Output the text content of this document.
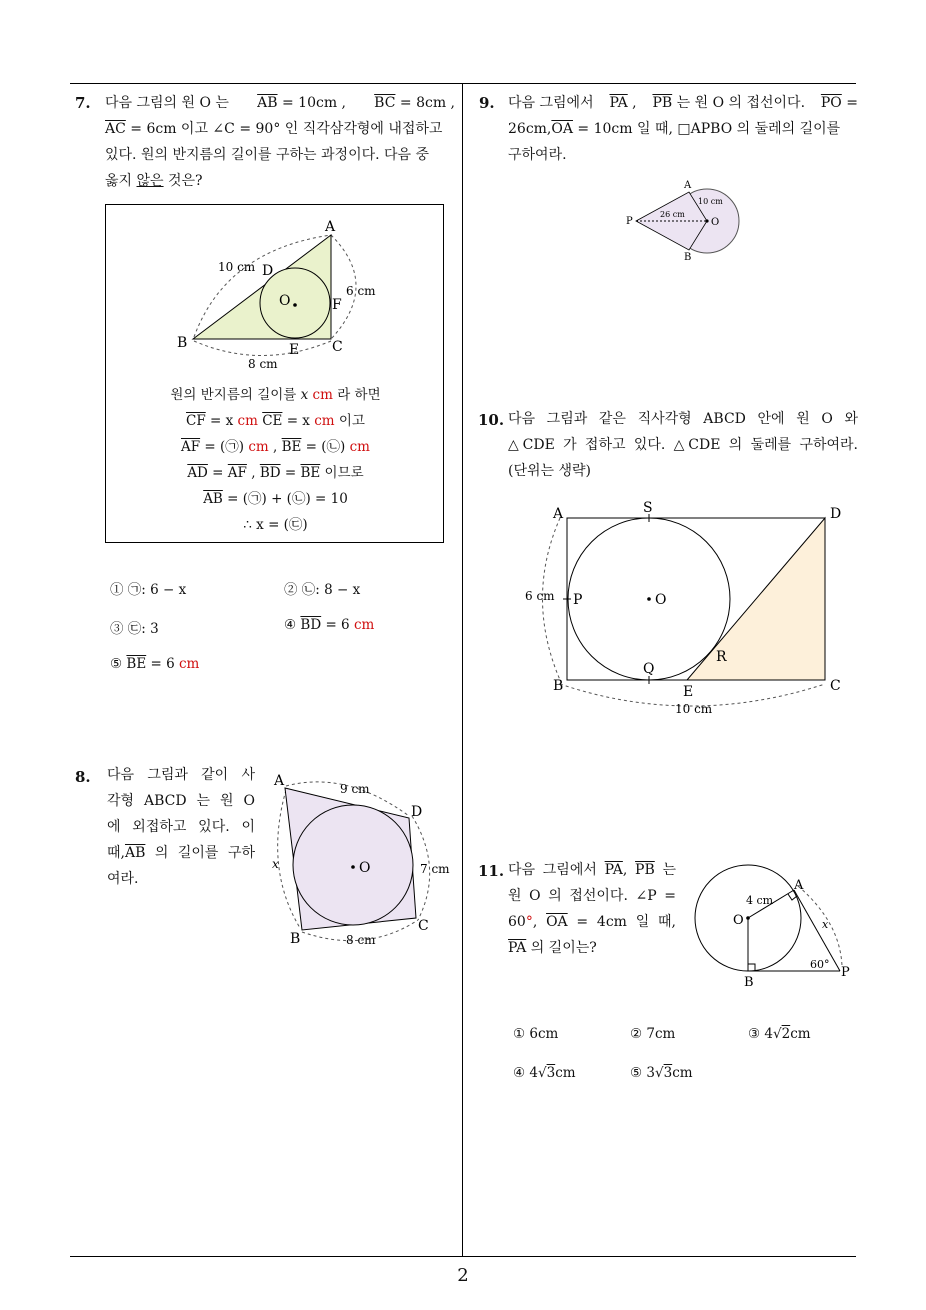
7. 다음 그림의 원 O 는 $\overline{AB} = 10cm$ , $\overline{BC} = 8cm$ ,
$\overline{AC} = 6cm$ 이고 ∠C = 90° 인 직각삼각형에 내접하고
있다. 원의 반지름의 길이를 구하는 과정이다. 다음 중
옳지 않은 것은?
A
B	C
D
E
F
O
10 cm
6 cm
8 cm
원의 반지름의 길이를 x cm 라 하면
$\overline{CF} = x$ cm $\overline{CE} = x$ cm 이고
$\overline{AF}$ = (㉠) cm , $\overline{BE}$ = (㉡) cm
$\overline{AD} = \overline{AF}$ , $\overline{BD} = \overline{BE}$ 이므로
$\overline{AB}$ = (㉠) + (㉡) = 10
∴ x = (㉢)
① ㉠: 6 − x	② ㉡: 8 − x
③ ㉢: 3	④ $\overline{BD} = 6$ cm
⑤ $\overline{BE} = 6$ cm
8. 다음 그림과 같이 사
각형 ABCD 는 원 O
에 외접하고 있다. 이
때$,\overline{AB}$ 의 길이를 구하
여라.
A
B
C
D
O
x
9 cm
7 cm
8 cm
9. 다음 그림에서 $\overline{PA}$ , $\overline{PB}$ 는 원 O 의 접선이다. $\overline{PO}$ =
$26cm,\overline{OA} = 10cm$ 일 때, □APBO 의 둘레의 길이를
구하여라.
A
B
P	O
10 cm
26 cm
10. 다음 그림과 같은 직사각형 ABCD 안에 원 O 와
△CDE 가 접하고 있다. △CDE 의 둘레를 구하여라.
(단위는 생략)
A
B	C
D
E
O
P
Q
R
S
6 cm
10 cm
11. 다음 그림에서 $\overline{PA}$, $\overline{PB}$ 는
원 O 의 접선이다. ∠P =
60°, $\overline{OA} = 4cm$ 일 때,
$\overline{PA}$ 의 길이는?
A
B
P
O	x
4 cm
60°
① 6cm	② 7cm	③ 4√2cm
④ 4√3cm	⑤ 3√3cm
2
